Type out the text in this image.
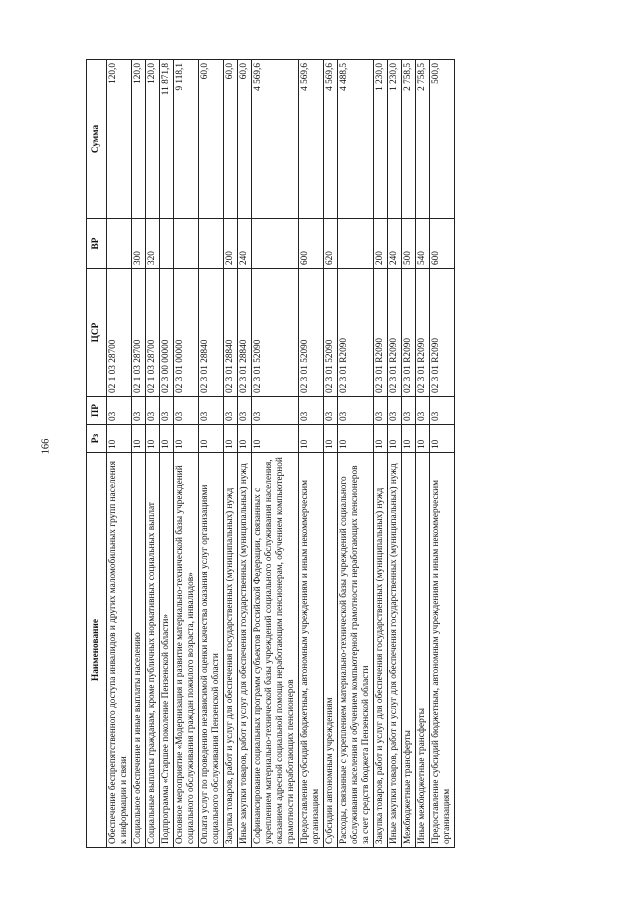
166
Наименование	Рз	ПР	ЦСР	ВР	Сумма
Обеспечение беспрепятственного доступа инвалидов и других маломобильных групп населения к информации и связи	10	03	02 1 03 28700		120,0
Социальное обеспечение и иные выплаты населению	10	03	02 1 03 28700	300	120,0
Социальные выплаты гражданам, кроме публичных нормативных социальных выплат	10	03	02 1 03 28700	320	120,0
Подпрограмма «Старшее поколение Пензенской области»	10	03	02 3 00 00000		11 871,8
Основное мероприятие «Модернизация и развитие материально-технической базы учреждений социального обслуживания граждан пожилого возраста, инвалидов»	10	03	02 3 01 00000		9 118,1
Оплата услуг по проведению независимой оценки качества оказания услуг организациями социального обслуживания Пензенской области	10	03	02 3 01 28840		60,0
Закупка товаров, работ и услуг для обеспечения государственных (муниципальных) нужд	10	03	02 3 01 28840	200	60,0
Иные закупки товаров, работ и услуг для обеспечения государственных (муниципальных) нужд	10	03	02 3 01 28840	240	60,0
Софинансирование социальных программ субъектов Российской Федерации, связанных с укреплением материально-технической базы учреждений социального обслуживания населения, оказанием адресной социальной помощи неработающим пенсионерам, обучением компьютерной грамотности неработающих пенсионеров	10	03	02 3 01 52090		4 569,6
Предоставление субсидий бюджетным, автономным учреждениям и иным некоммерческим организациям	10	03	02 3 01 52090	600	4 569,6
Субсидии автономным учреждениям	10	03	02 3 01 52090	620	4 569,6
Расходы, связанные с укреплением материально-технической базы учреждений социального обслуживания населения и обучением компьютерной грамотности неработающих пенсионеров за счет средств бюджета Пензенской области	10	03	02 3 01 R2090		4 488,5
Закупка товаров, работ и услуг для обеспечения государственных (муниципальных) нужд	10	03	02 3 01 R2090	200	1 230,0
Иные закупки товаров, работ и услуг для обеспечения государственных (муниципальных) нужд	10	03	02 3 01 R2090	240	1 230,0
Межбюджетные трансферты	10	03	02 3 01 R2090	500	2 758,5
Иные межбюджетные трансферты	10	03	02 3 01 R2090	540	2 758,5
Предоставление субсидий бюджетным, автономным учреждениям и иным некоммерческим организациям	10	03	02 3 01 R2090	600	500,0
